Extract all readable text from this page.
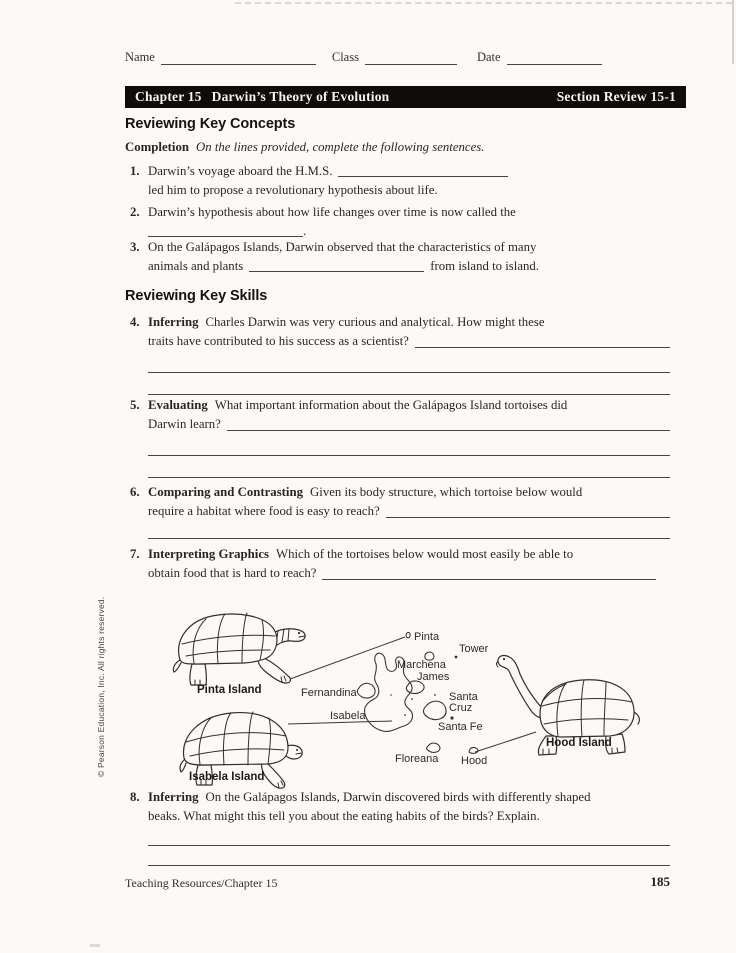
Name	Class	Date
Chapter 15 Darwin’s Theory of Evolution	Section Review 15-1
Reviewing Key Concepts
Completion On the lines provided, complete the following sentences.
1. Darwin’s voyage aboard the H.M.S.
led him to propose a revolutionary hypothesis about life.
2. Darwin’s hypothesis about how life changes over time is now called the
.
3. On the Galápagos Islands, Darwin observed that the characteristics of many
animals and plants	from island to island.
Reviewing Key Skills
4. Inferring Charles Darwin was very curious and analytical. How might these
traits have contributed to his success as a scientist?
5. Evaluating What important information about the Galápagos Island tortoises did
Darwin learn?
6. Comparing and Contrasting Given its body structure, which tortoise below would
require a habitat where food is easy to reach?
7. Interpreting Graphics Which of the tortoises below would most easily be able to
obtain food that is hard to reach?
Pinta
Tower
Marchena
James
Fernandina
Isabela
Santa
Cruz
Santa Fe
Floreana Hood
Pinta Island
Isabela Island
Hood Island
8. Inferring On the Galápagos Islands, Darwin discovered birds with differently shaped
beaks. What might this tell you about the eating habits of the birds? Explain.
Teaching Resources/Chapter 15	185
© Pearson Education, Inc. All rights reserved.
